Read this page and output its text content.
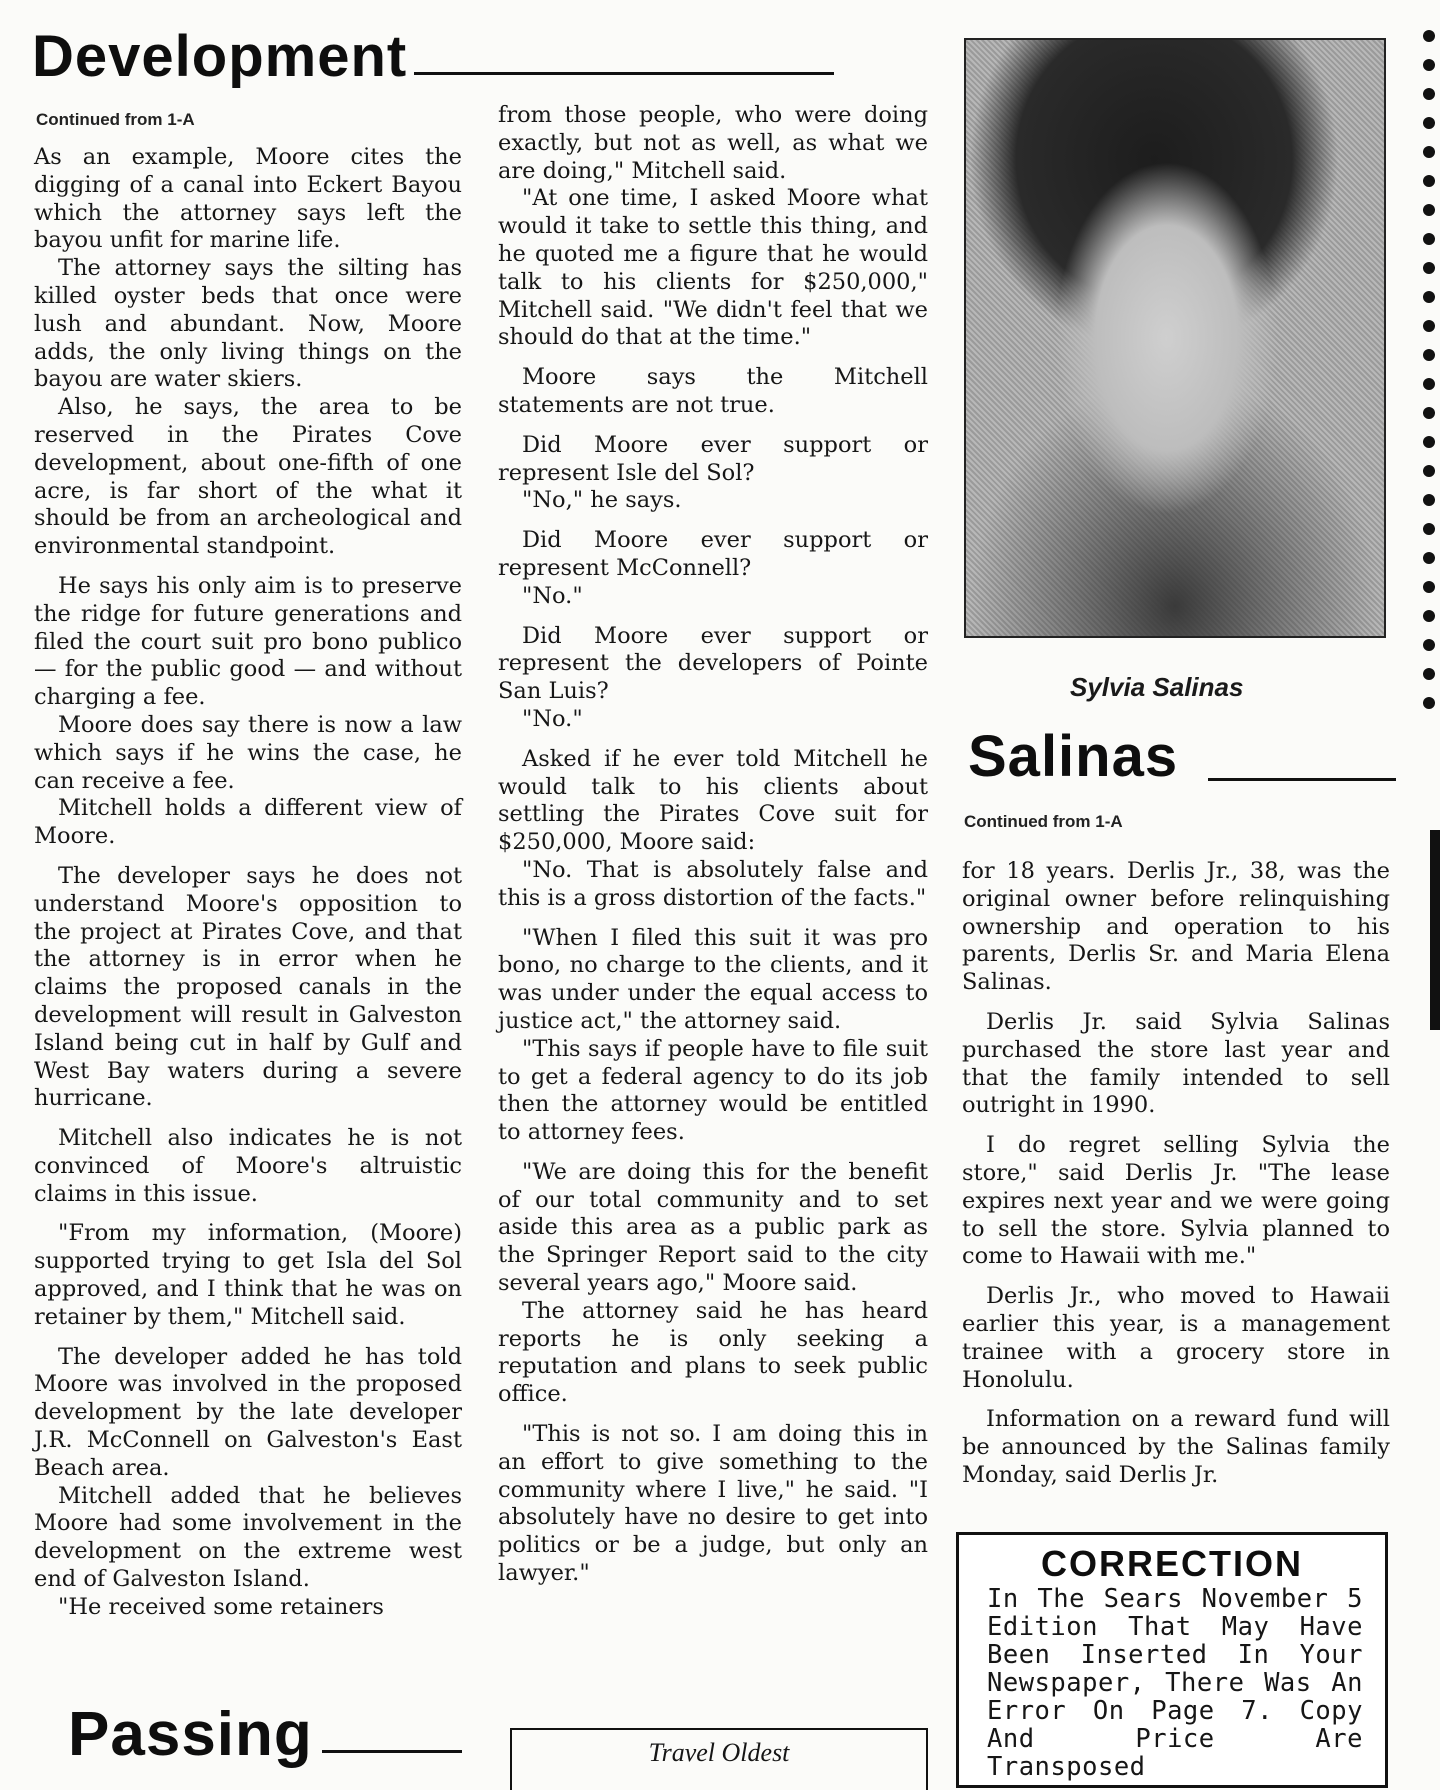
Development
Continued from 1-A

As an example, Moore cites the digging of a canal into Eckert Bayou which the attorney says left the bayou unfit for marine life.

The attorney says the silting has killed oyster beds that once were lush and abundant. Now, Moore adds, the only living things on the bayou are water skiers.

Also, he says, the area to be reserved in the Pirates Cove development, about one-fifth of one acre, is far short of the what it should be from an archeological and environmental standpoint.

He says his only aim is to preserve the ridge for future generations and filed the court suit pro bono publico — for the public good — and without charging a fee.

Moore does say there is now a law which says if he wins the case, he can receive a fee.

Mitchell holds a different view of Moore.

The developer says he does not understand Moore's opposition to the project at Pirates Cove, and that the attorney is in error when he claims the proposed canals in the development will result in Galveston Island being cut in half by Gulf and West Bay waters during a severe hurricane.

Mitchell also indicates he is not convinced of Moore's altruistic claims in this issue.

"From my information, (Moore) supported trying to get Isla del Sol approved, and I think that he was on retainer by them," Mitchell said.

The developer added he has told Moore was involved in the proposed development by the late developer J.R. McConnell on Galveston's East Beach area.

Mitchell added that he believes Moore had some involvement in the development on the extreme west end of Galveston Island.

"He received some retainers

from those people, who were doing exactly, but not as well, as what we are doing," Mitchell said.

"At one time, I asked Moore what would it take to settle this thing, and he quoted me a figure that he would talk to his clients for $250,000," Mitchell said. "We didn't feel that we should do that at the time."

Moore says the Mitchell statements are not true.

Did Moore ever support or represent Isle del Sol?

"No," he says.

Did Moore ever support or represent McConnell?

"No."

Did Moore ever support or represent the developers of Pointe San Luis?

"No."

Asked if he ever told Mitchell he would talk to his clients about settling the Pirates Cove suit for $250,000, Moore said:

"No. That is absolutely false and this is a gross distortion of the facts."

"When I filed this suit it was pro bono, no charge to the clients, and it was under under the equal access to justice act," the attorney said.

"This says if people have to file suit to get a federal agency to do its job then the attorney would be entitled to attorney fees.

"We are doing this for the benefit of our total community and to set aside this area as a public park as the Springer Report said to the city several years ago," Moore said.

The attorney said he has heard reports he is only seeking a reputation and plans to seek public office.

"This is not so. I am doing this in an effort to give something to the community where I live," he said. "I absolutely have no desire to get into politics or be a judge, but only an lawyer."

Sylvia Salinas
Salinas
Continued from 1-A

for 18 years. Derlis Jr., 38, was the original owner before relinquishing ownership and operation to his parents, Derlis Sr. and Maria Elena Salinas.

Derlis Jr. said Sylvia Salinas purchased the store last year and that the family intended to sell outright in 1990.

I do regret selling Sylvia the store," said Derlis Jr. "The lease expires next year and we were going to sell the store. Sylvia planned to come to Hawaii with me."

Derlis Jr., who moved to Hawaii earlier this year, is a management trainee with a grocery store in Honolulu.

Information on a reward fund will be announced by the Salinas family Monday, said Derlis Jr.

CORRECTION
In The Sears November 5 Edition That May Have Been Inserted In Your Newspaper, There Was An Error On Page 7. Copy And Price Are Transposed
Passing	Travel Oldest
